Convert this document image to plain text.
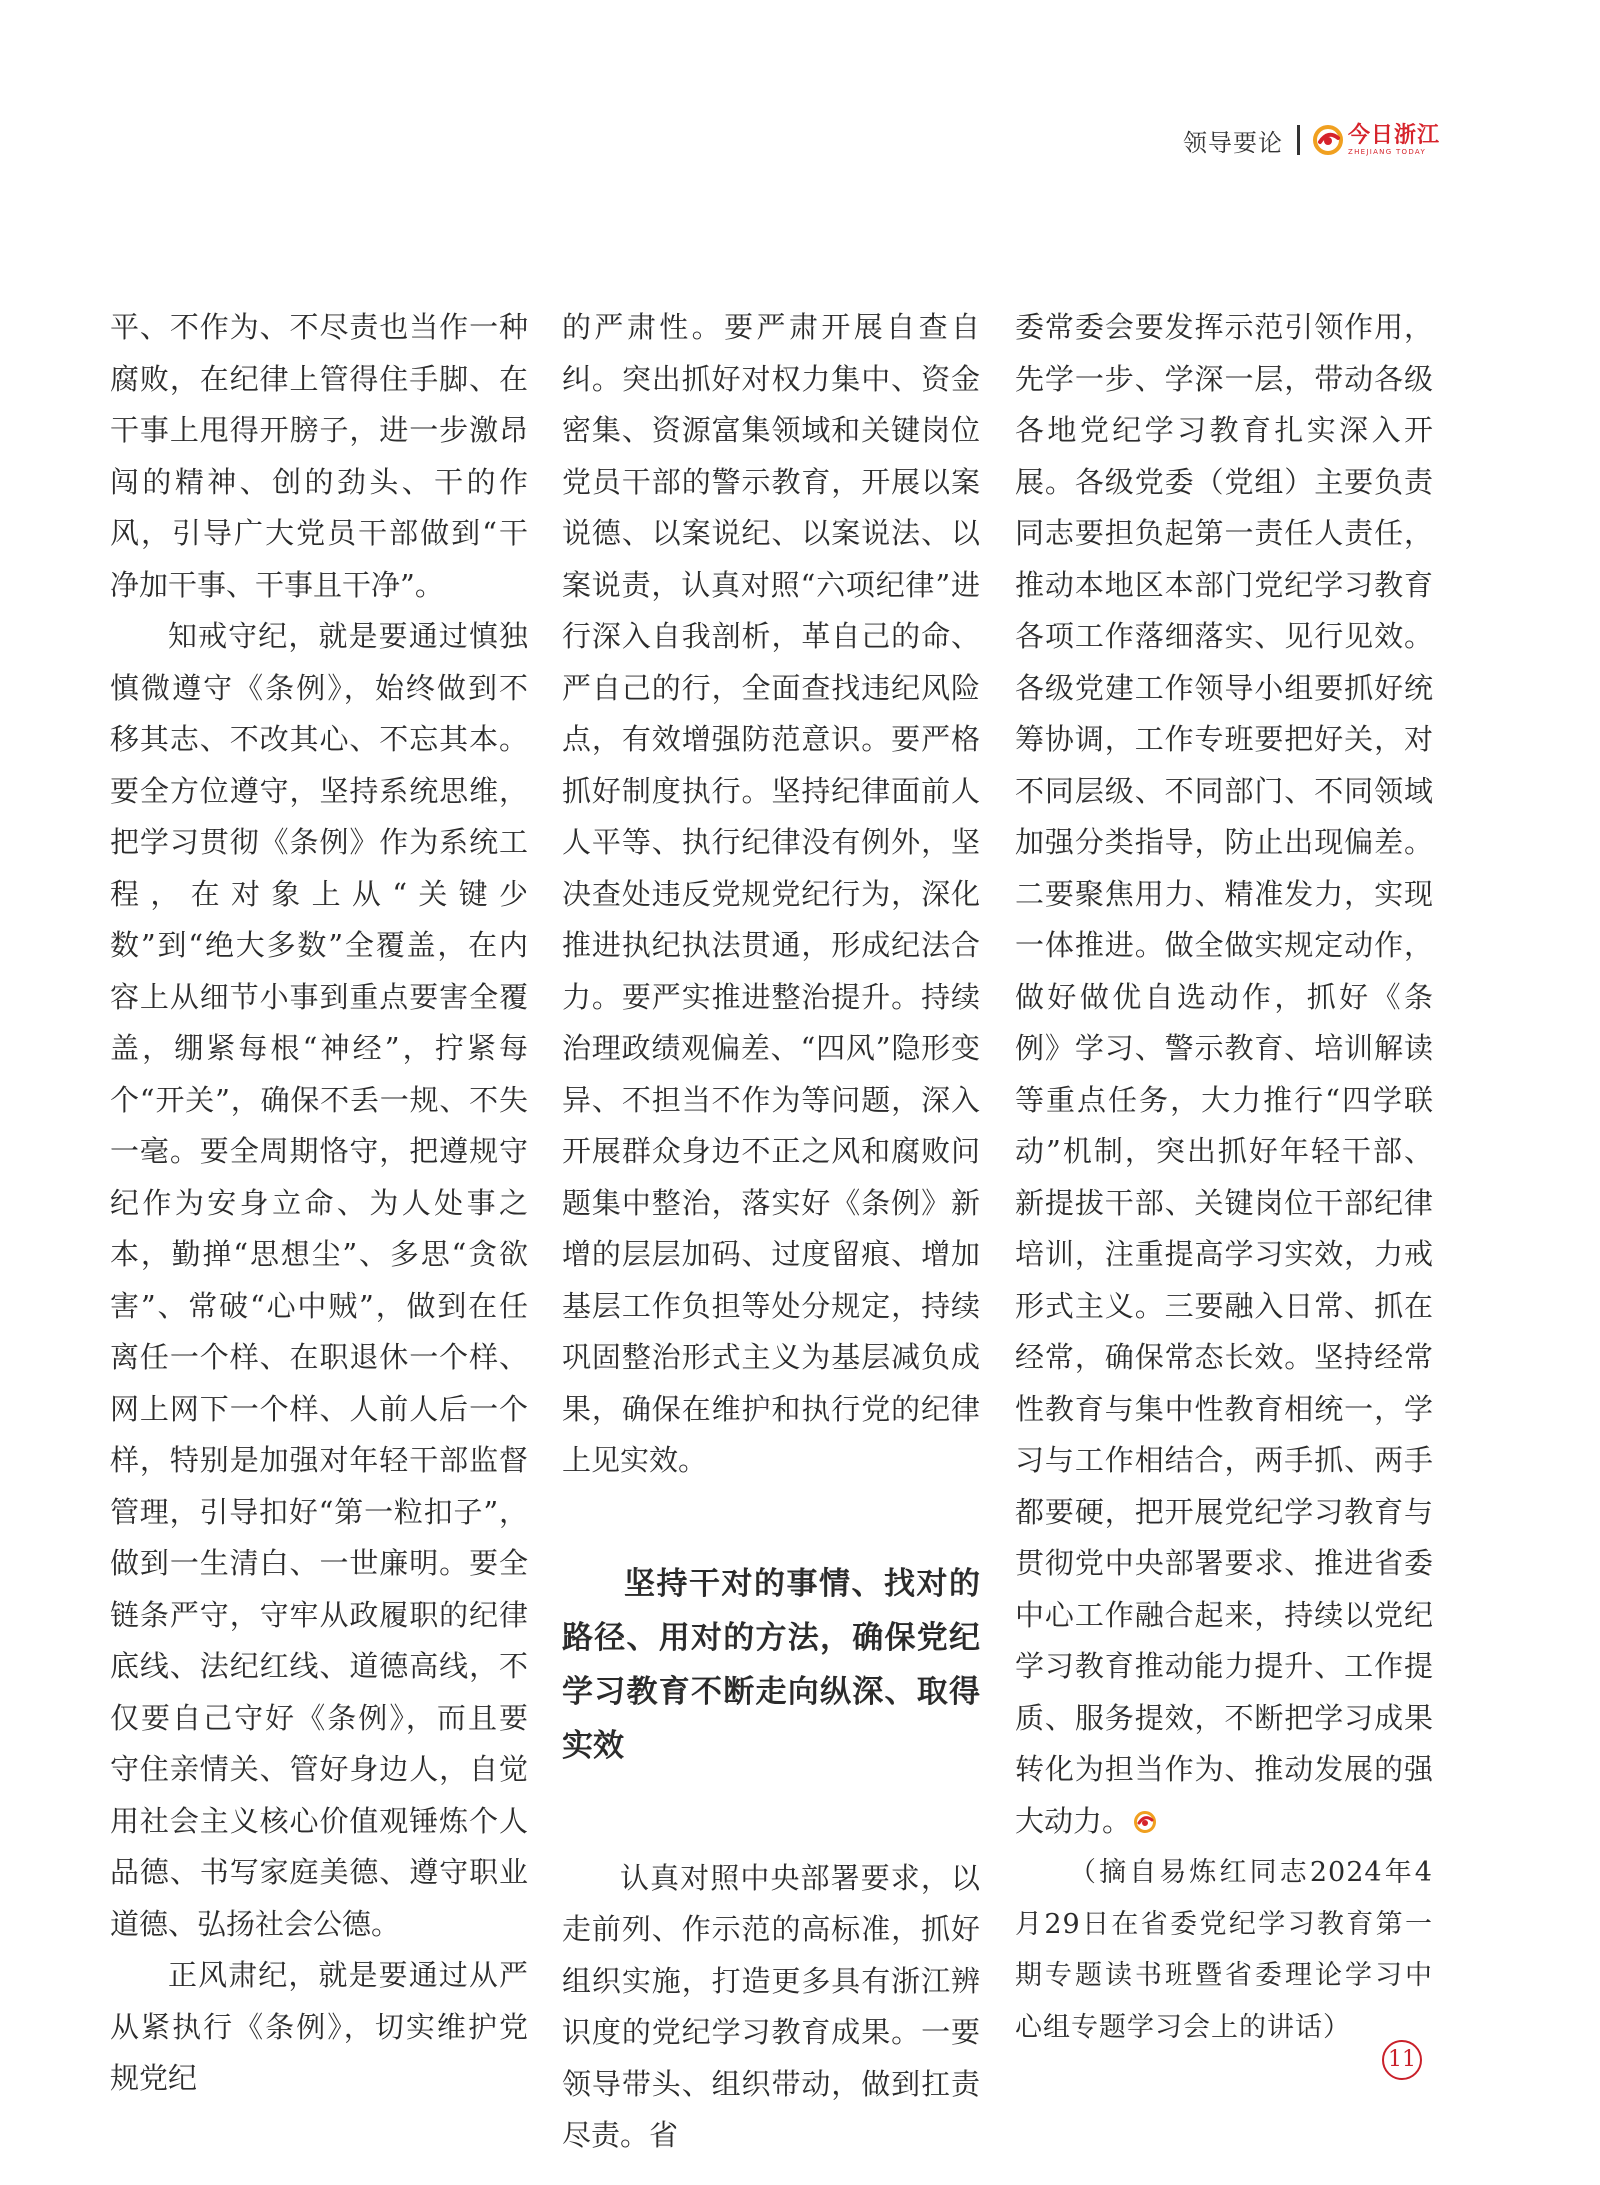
领导要论	今日浙江
ZHEJIANG TODAY

平、不作为、不尽责也当作一种腐败，在纪律上管得住手脚、在干事上甩得开膀子，进一步激昂闯的精神、创的劲头、干的作风，引导广大党员干部做到“干净加干事、干事且干净”。

知戒守纪，就是要通过慎独慎微遵守《条例》，始终做到不移其志、不改其心、不忘其本。要全方位遵守，坚持系统思维，把学习贯彻《条例》作为系统工程，在对象上从“关键少数”到“绝大多数”全覆盖，在内容上从细节小事到重点要害全覆盖，绷紧每根“神经”，拧紧每个“开关”，确保不丢一规、不失一毫。要全周期恪守，把遵规守纪作为安身立命、为人处事之本，勤掸“思想尘”、多思“贪欲害”、常破“心中贼”，做到在任离任一个样、在职退休一个样、网上网下一个样、人前人后一个样，特别是加强对年轻干部监督管理，引导扣好“第一粒扣子”，做到一生清白、一世廉明。要全链条严守，守牢从政履职的纪律底线、法纪红线、道德高线，不仅要自己守好《条例》，而且要守住亲情关、管好身边人，自觉用社会主义核心价值观锤炼个人品德、书写家庭美德、遵守职业道德、弘扬社会公德。

正风肃纪，就是要通过从严从紧执行《条例》，切实维护党规党纪

的严肃性。要严肃开展自查自纠。突出抓好对权力集中、资金密集、资源富集领域和关键岗位党员干部的警示教育，开展以案说德、以案说纪、以案说法、以案说责，认真对照“六项纪律”进行深入自我剖析，革自己的命、严自己的行，全面查找违纪风险点，有效增强防范意识。要严格抓好制度执行。坚持纪律面前人人平等、执行纪律没有例外，坚决查处违反党规党纪行为，深化推进执纪执法贯通，形成纪法合力。要严实推进整治提升。持续治理政绩观偏差、“四风”隐形变异、不担当不作为等问题，深入开展群众身边不正之风和腐败问题集中整治，落实好《条例》新增的层层加码、过度留痕、增加基层工作负担等处分规定，持续巩固整治形式主义为基层减负成果，确保在维护和执行党的纪律上见实效。

坚持干对的事情、找对的路径、用对的方法，确保党纪学习教育不断走向纵深、取得实效

认真对照中央部署要求，以走前列、作示范的高标准，抓好组织实施，打造更多具有浙江辨识度的党纪学习教育成果。一要领导带头、组织带动，做到扛责尽责。省

委常委会要发挥示范引领作用，先学一步、学深一层，带动各级各地党纪学习教育扎实深入开展。各级党委（党组）主要负责同志要担负起第一责任人责任，推动本地区本部门党纪学习教育各项工作落细落实、见行见效。各级党建工作领导小组要抓好统筹协调，工作专班要把好关，对不同层级、不同部门、不同领域加强分类指导，防止出现偏差。二要聚焦用力、精准发力，实现一体推进。做全做实规定动作，做好做优自选动作，抓好《条例》学习、警示教育、培训解读等重点任务，大力推行“四学联动”机制，突出抓好年轻干部、新提拔干部、关键岗位干部纪律培训，注重提高学习实效，力戒形式主义。三要融入日常、抓在经常，确保常态长效。坚持经常性教育与集中性教育相统一，学习与工作相结合，两手抓、两手都要硬，把开展党纪学习教育与贯彻党中央部署要求、推进省委中心工作融合起来，持续以党纪学习教育推动能力提升、工作提质、服务提效，不断把学习成果转化为担当作为、推动发展的强大动力。

（摘自易炼红同志2024年4月29日在省委党纪学习教育第一期专题读书班暨省委理论学习中心组专题学习会上的讲话）

11
